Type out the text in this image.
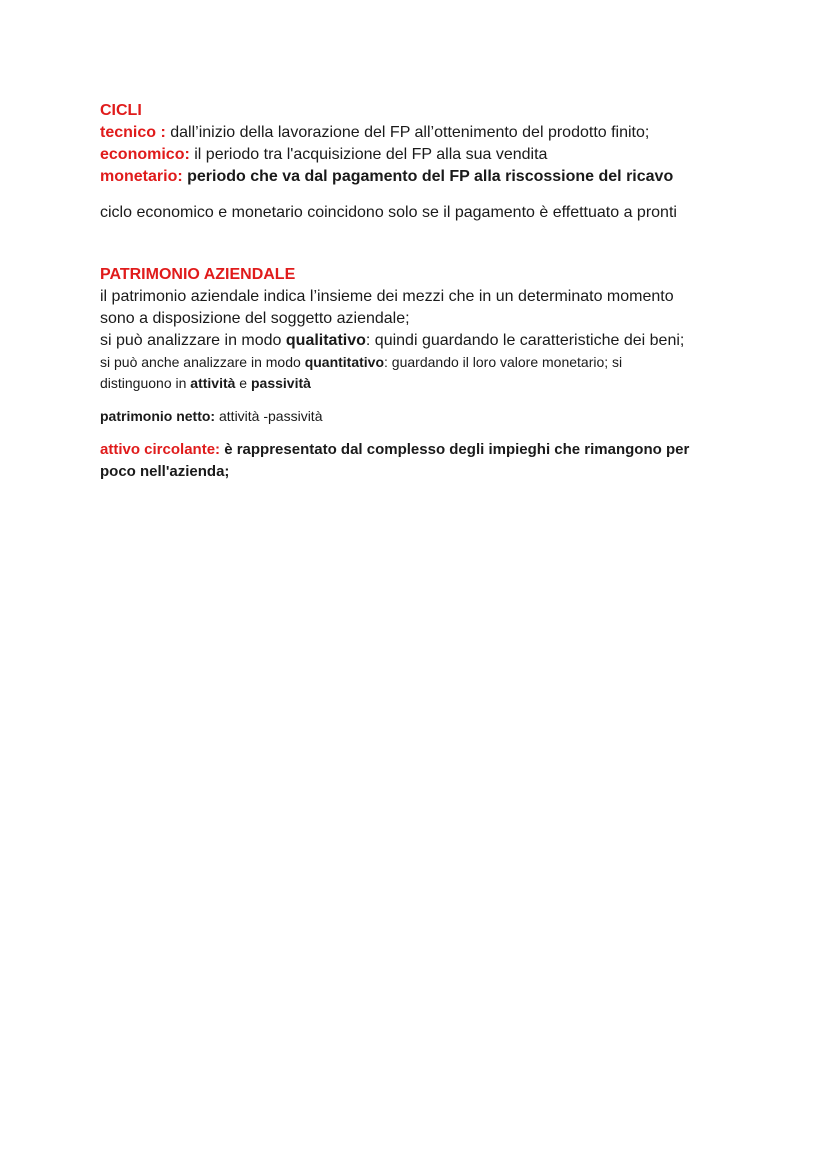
CICLI

tecnico : dall’inizio della lavorazione del FP all’ottenimento del prodotto finito;

economico: il periodo tra l'acquisizione del FP alla sua vendita

monetario: periodo che va dal pagamento del FP alla riscossione del ricavo

ciclo economico e monetario coincidono solo se il pagamento è effettuato a pronti

PATRIMONIO AZIENDALE

il patrimonio aziendale indica l’insieme dei mezzi che in un determinato momento

sono a disposizione del soggetto aziendale;

si può analizzare in modo qualitativo: quindi guardando le caratteristiche dei beni;

si può anche analizzare in modo quantitativo: guardando il loro valore monetario; si

distinguono in attività e passività

patrimonio netto: attività -passività

attivo circolante: è rappresentato dal complesso degli impieghi che rimangono per

poco nell'azienda;
